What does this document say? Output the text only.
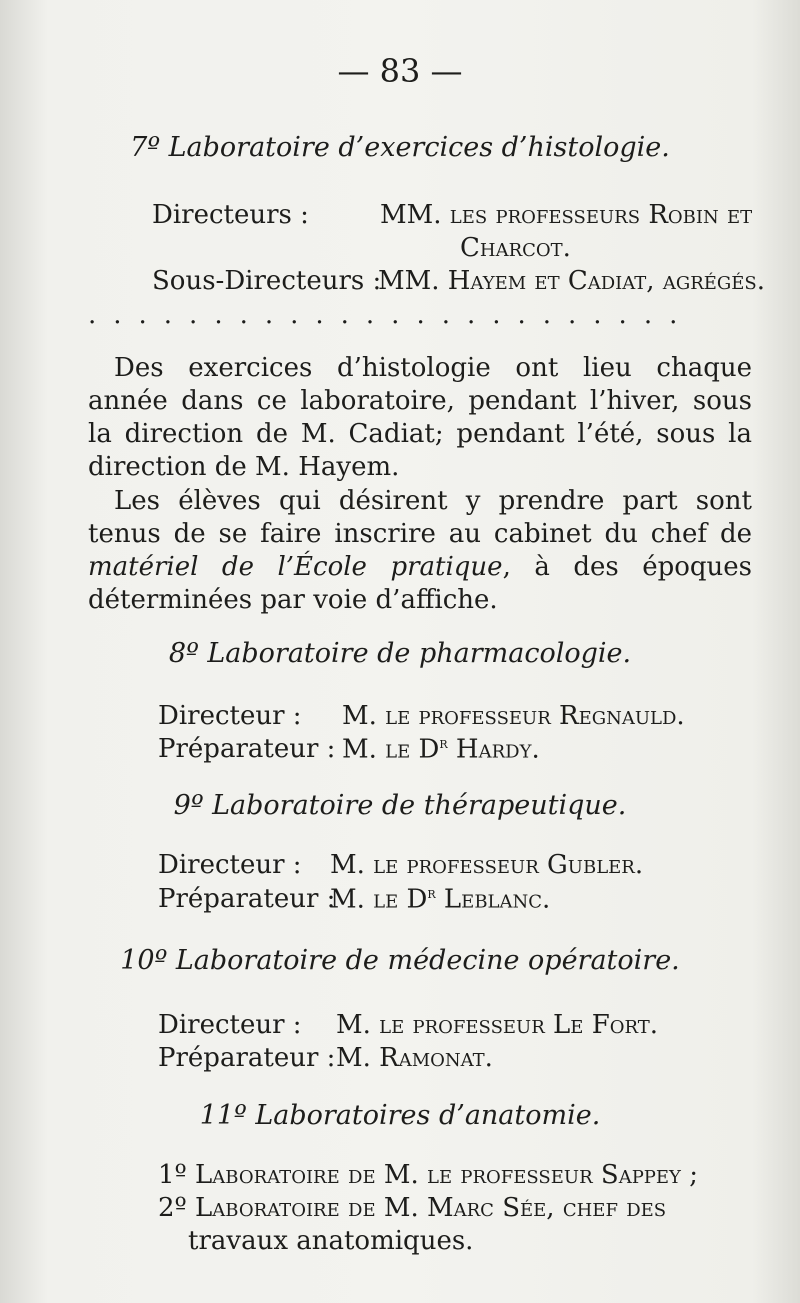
— 83 —
7º Laboratoire d’exercices d’histologie.
Directeurs :	MM. les professeurs Robin et
Charcot.
Sous-Directeurs :
MM. Hayem et Cadiat, agrégés.
........................

Des exercices d’histologie ont lieu chaque année dans ce laboratoire, pendant l’hiver, sous la direction de M. Cadiat; pendant l’été, sous la direction de M. Hayem.

Les élèves qui désirent y prendre part sont tenus de se faire inscrire au cabinet du chef de matériel de l’École pratique, à des époques déterminées par voie d’affiche.

8º Laboratoire de pharmacologie.
Directeur : M. le professeur Regnauld.
Préparateur : M. le $D^r$ Hardy.
9º Laboratoire de thérapeutique.
Directeur : M. le professeur Gubler.
Préparateur :
M. le $D^r$ Leblanc.
10º Laboratoire de médecine opératoire.
Directeur : M. le professeur Le Fort.
Préparateur : M. Ramonat.
11º Laboratoires d’anatomie.
1º Laboratoire de M. le professeur Sappey ;
2º Laboratoire de M. Marc Sée, chef des
travaux anatomiques.
